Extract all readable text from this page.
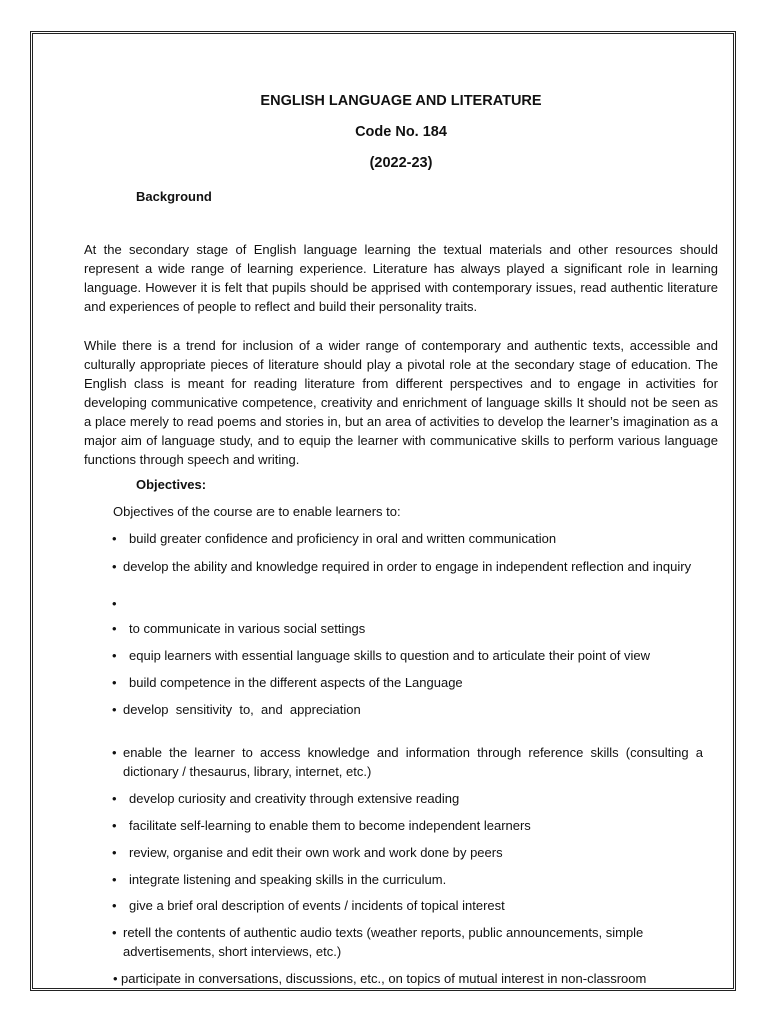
ENGLISH LANGUAGE AND LITERATURE
Code No. 184
(2022-23)
Background

At the secondary stage of English language learning the textual materials and other resources should represent a wide range of learning experience. Literature has always played a significant role in learning language. However it is felt that pupils should be apprised with contemporary issues, read authentic literature and experiences of people to reflect and build their personality traits.

While there is a trend for inclusion of a wider range of contemporary and authentic texts, accessible and culturally appropriate pieces of literature should play a pivotal role at the secondary stage of education. The English class is meant for reading literature from different perspectives and to engage in activities for developing communicative competence, creativity and enrichment of language skills It should not be seen as a place merely to read poems and stories in, but an area of activities to develop the learner’s imagination as a major aim of language study, and to equip the learner with communicative skills to perform various language functions through speech and writing.

Objectives:
Objectives of the course are to enable learners to:
• build greater confidence and proficiency in oral and written communication
• develop the ability and knowledge required in order to engage in independent reflection and inquiry
•
• to communicate in various social settings
• equip learners with essential language skills to question and to articulate their point of view
• build competence in the different aspects of the Language
• develop  sensitivity  to,  and  appreciation
• enable the learner to access knowledge and information through reference skills (consulting a dictionary / thesaurus, library, internet, etc.)
• develop curiosity and creativity through extensive reading
• facilitate self-learning to enable them to become independent learners
• review, organise and edit their own work and work done by peers
• integrate listening and speaking skills in the curriculum.
• give a brief oral description of events / incidents of topical interest
• retell the contents of authentic audio texts (weather reports, public announcements, simple advertisements, short interviews, etc.)
• participate in conversations, discussions, etc., on topics of mutual interest in non-classroom
